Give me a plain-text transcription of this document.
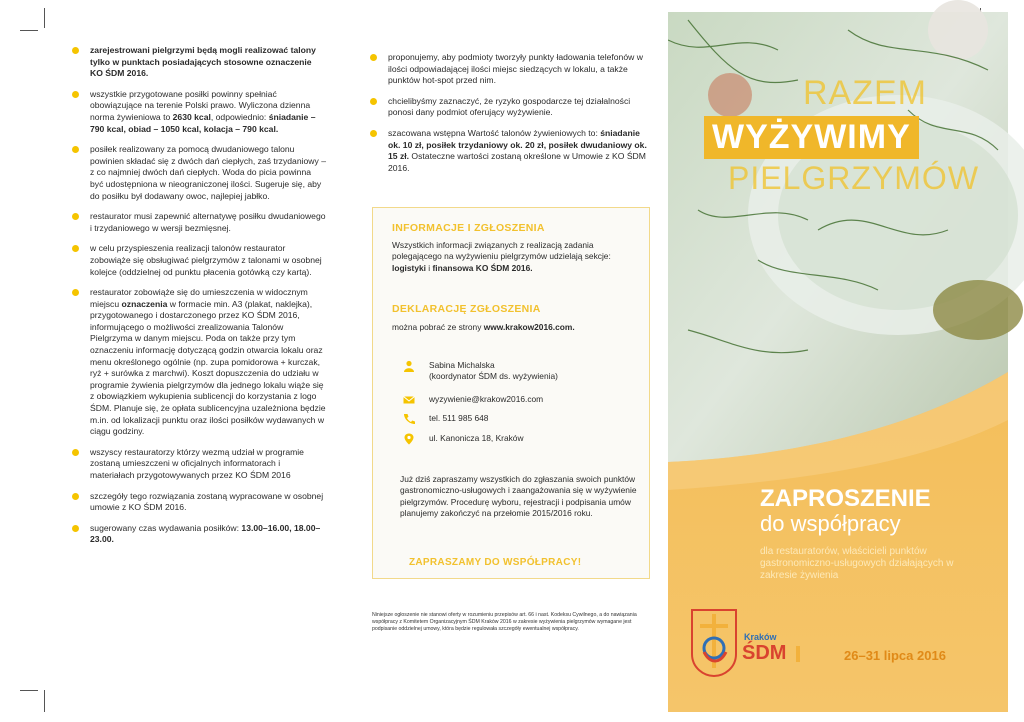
zarejestrowani pielgrzymi będą mogli realizować talony tylko w punktach posiadających stosowne oznaczenie KO ŚDM 2016.
wszystkie przygotowane posiłki powinny spełniać obowiązujące na terenie Polski prawo. Wyliczona dzienna norma żywieniowa to 2630 kcal, odpowiednio: śniadanie – 790 kcal, obiad – 1050 kcal, kolacja – 790 kcal.
posiłek realizowany za pomocą dwudaniowego talonu powinien składać się z dwóch dań ciepłych, zaś trzydaniowy – z co najmniej dwóch dań ciepłych. Woda do picia powinna być udostępniona w nieograniczonej ilości. Sugeruje się, aby do posiłku był dodawany owoc, najlepiej jabłko.
restaurator musi zapewnić alternatywę posiłku dwudaniowego i trzydaniowego w wersji bezmięsnej.
w celu przyspieszenia realizacji talonów restaurator zobowiąże się obsługiwać pielgrzymów z talonami w osobnej kolejce (oddzielnej od punktu płacenia gotówką czy kartą).
restaurator zobowiąże się do umieszczenia w widocznym miejscu oznaczenia w formacie min. A3 (plakat, naklejka), przygotowanego i dostarczonego przez KO ŚDM 2016, informującego o możliwości zrealizowania Talonów Pielgrzyma w danym miejscu. Poda on także przy tym oznaczeniu informację dotyczącą godzin otwarcia lokalu oraz menu określonego ogólnie (np. zupa pomidorowa + kurczak, ryż + surówka z marchwi). Koszt dopuszczenia do udziału w programie żywienia pielgrzymów dla jednego lokalu wiąże się z obowiązkiem wykupienia sublicencji do korzystania z logo ŚDM. Planuje się, że opłata sublicencyjna uzależniona będzie m.in. od lokalizacji punktu oraz ilości posiłków wydawanych w ciągu godziny.
wszyscy restauratorzy którzy wezmą udział w programie zostaną umieszczeni w oficjalnych informatorach i materiałach przygotowywanych przez KO ŚDM 2016
szczegóły tego rozwiązania zostaną wypracowane w osobnej umowie z KO ŚDM 2016.
sugerowany czas wydawania posiłków: 13.00–16.00, 18.00–23.00.
proponujemy, aby podmioty tworzyły punkty ładowania telefonów w ilości odpowiadającej ilości miejsc siedzących w lokalu, a także punktów hot-spot przed nim.
chcielibyśmy zaznaczyć, że ryzyko gospodarcze tej działalności ponosi dany podmiot oferujący wyżywienie.
szacowana wstępna Wartość talonów żywieniowych to: śniadanie ok. 10 zł, posiłek trzydaniowy ok. 20 zł, posiłek dwudaniowy ok. 15 zł. Ostateczne wartości zostaną określone w Umowie z KO ŚDM 2016.
INFORMACJE I ZGŁOSZENIA

Wszystkich informacji związanych z realizacją zadania polegającego na wyżywieniu pielgrzymów udzielają sekcje: logistyki i finansowa KO ŚDM 2016.

DEKLARACJĘ ZGŁOSZENIA

można pobrać ze strony www.krakow2016.com.

Sabina Michalska
(koordynator ŚDM ds. wyżywienia)
wyzywienie@krakow2016.com
tel. 511 985 648
ul. Kanonicza 18, Kraków

Już dziś zapraszamy wszystkich do zgłaszania swoich punktów gastronomiczno-usługowych i zaangażowania się w wyżywienie pielgrzymów. Procedurę wyboru, rejestracji i podpisania umów planujemy zakończyć na przełomie 2015/2016 roku.

ZAPRASZAMY DO WSPÓŁPRACY!
Niniejsze ogłoszenie nie stanowi oferty w rozumieniu przepisów art. 66 i nast. Kodeksu Cywilnego, a do nawiązania współpracy z Komitetem Organizacyjnym ŚDM Kraków 2016 w zakresie wyżywienia pielgrzymów wymagane jest podpisanie oddzielnej umowy, która będzie regulowała szczegóły ewentualnej współpracy.
RAZEM
WYŻYWIMY
PIELGRZYMÓW
ZAPROSZENIE
do współpracy
dla restauratorów, właścicieli punktów gastronomiczno-usługowych działających w zakresie żywienia
Kraków
ŚDM	26–31 lipca 2016
